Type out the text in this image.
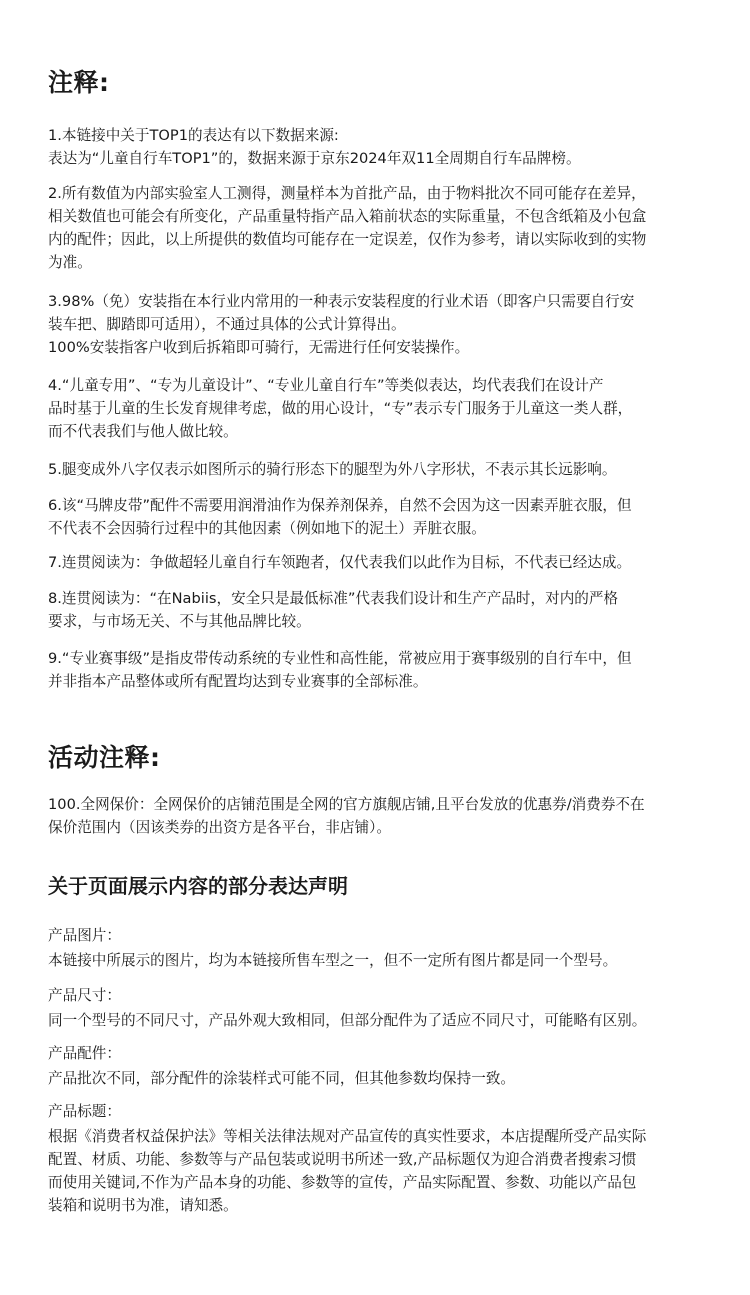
注释:
1.本链接中关于TOP1的表达有以下数据来源:
表达为“儿童自行车TOP1”的，数据来源于京东2024年双11全周期自行车品牌榜。
2.所有数值为内部实验室人工测得，测量样本为首批产品，由于物料批次不同可能存在差异，
相关数值也可能会有所变化，产品重量特指产品入箱前状态的实际重量，不包含纸箱及小包盒
内的配件；因此，以上所提供的数值均可能存在一定误差，仅作为参考，请以实际收到的实物
为准。
3.98%（免）安装指在本行业内常用的一种表示安装程度的行业术语（即客户只需要自行安
装车把、脚踏即可适用），不通过具体的公式计算得出。
100%安装指客户收到后拆箱即可骑行，无需进行任何安装操作。
4.“儿童专用”、“专为儿童设计”、“专业儿童自行车”等类似表达，均代表我们在设计产
品时基于儿童的生长发育规律考虑，做的用心设计，“专”表示专门服务于儿童这一类人群，
而不代表我们与他人做比较。
5.腿变成外八字仅表示如图所示的骑行形态下的腿型为外八字形状，不表示其长远影响。
6.该“马牌皮带”配件不需要用润滑油作为保养剂保养，自然不会因为这一因素弄脏衣服，但
不代表不会因骑行过程中的其他因素（例如地下的泥土）弄脏衣服。
7.连贯阅读为：争做超轻儿童自行车领跑者，仅代表我们以此作为目标，不代表已经达成。
8.连贯阅读为：“在Nabiis，安全只是最低标准”代表我们设计和生产产品时，对内的严格
要求，与市场无关、不与其他品牌比较。
9.“专业赛事级”是指皮带传动系统的专业性和高性能，常被应用于赛事级别的自行车中，但
并非指本产品整体或所有配置均达到专业赛事的全部标准。
活动注释:
100.全网保价：全网保价的店铺范围是全网的官方旗舰店铺,且平台发放的优惠券/消费券不在
保价范围内（因该类券的出资方是各平台，非店铺）。
关于页面展示内容的部分表达声明
产品图片：
本链接中所展示的图片，均为本链接所售车型之一，但不一定所有图片都是同一个型号。
产品尺寸：
同一个型号的不同尺寸，产品外观大致相同，但部分配件为了适应不同尺寸，可能略有区别。
产品配件：
产品批次不同，部分配件的涂装样式可能不同，但其他参数均保持一致。
产品标题：
根据《消费者权益保护法》等相关法律法规对产品宣传的真实性要求，本店提醒所受产品实际
配置、材质、功能、参数等与产品包装或说明书所述一致,产品标题仅为迎合消费者搜索习惯
而使用关键词,不作为产品本身的功能、参数等的宣传，产品实际配置、参数、功能以产品包
装箱和说明书为准，请知悉。
